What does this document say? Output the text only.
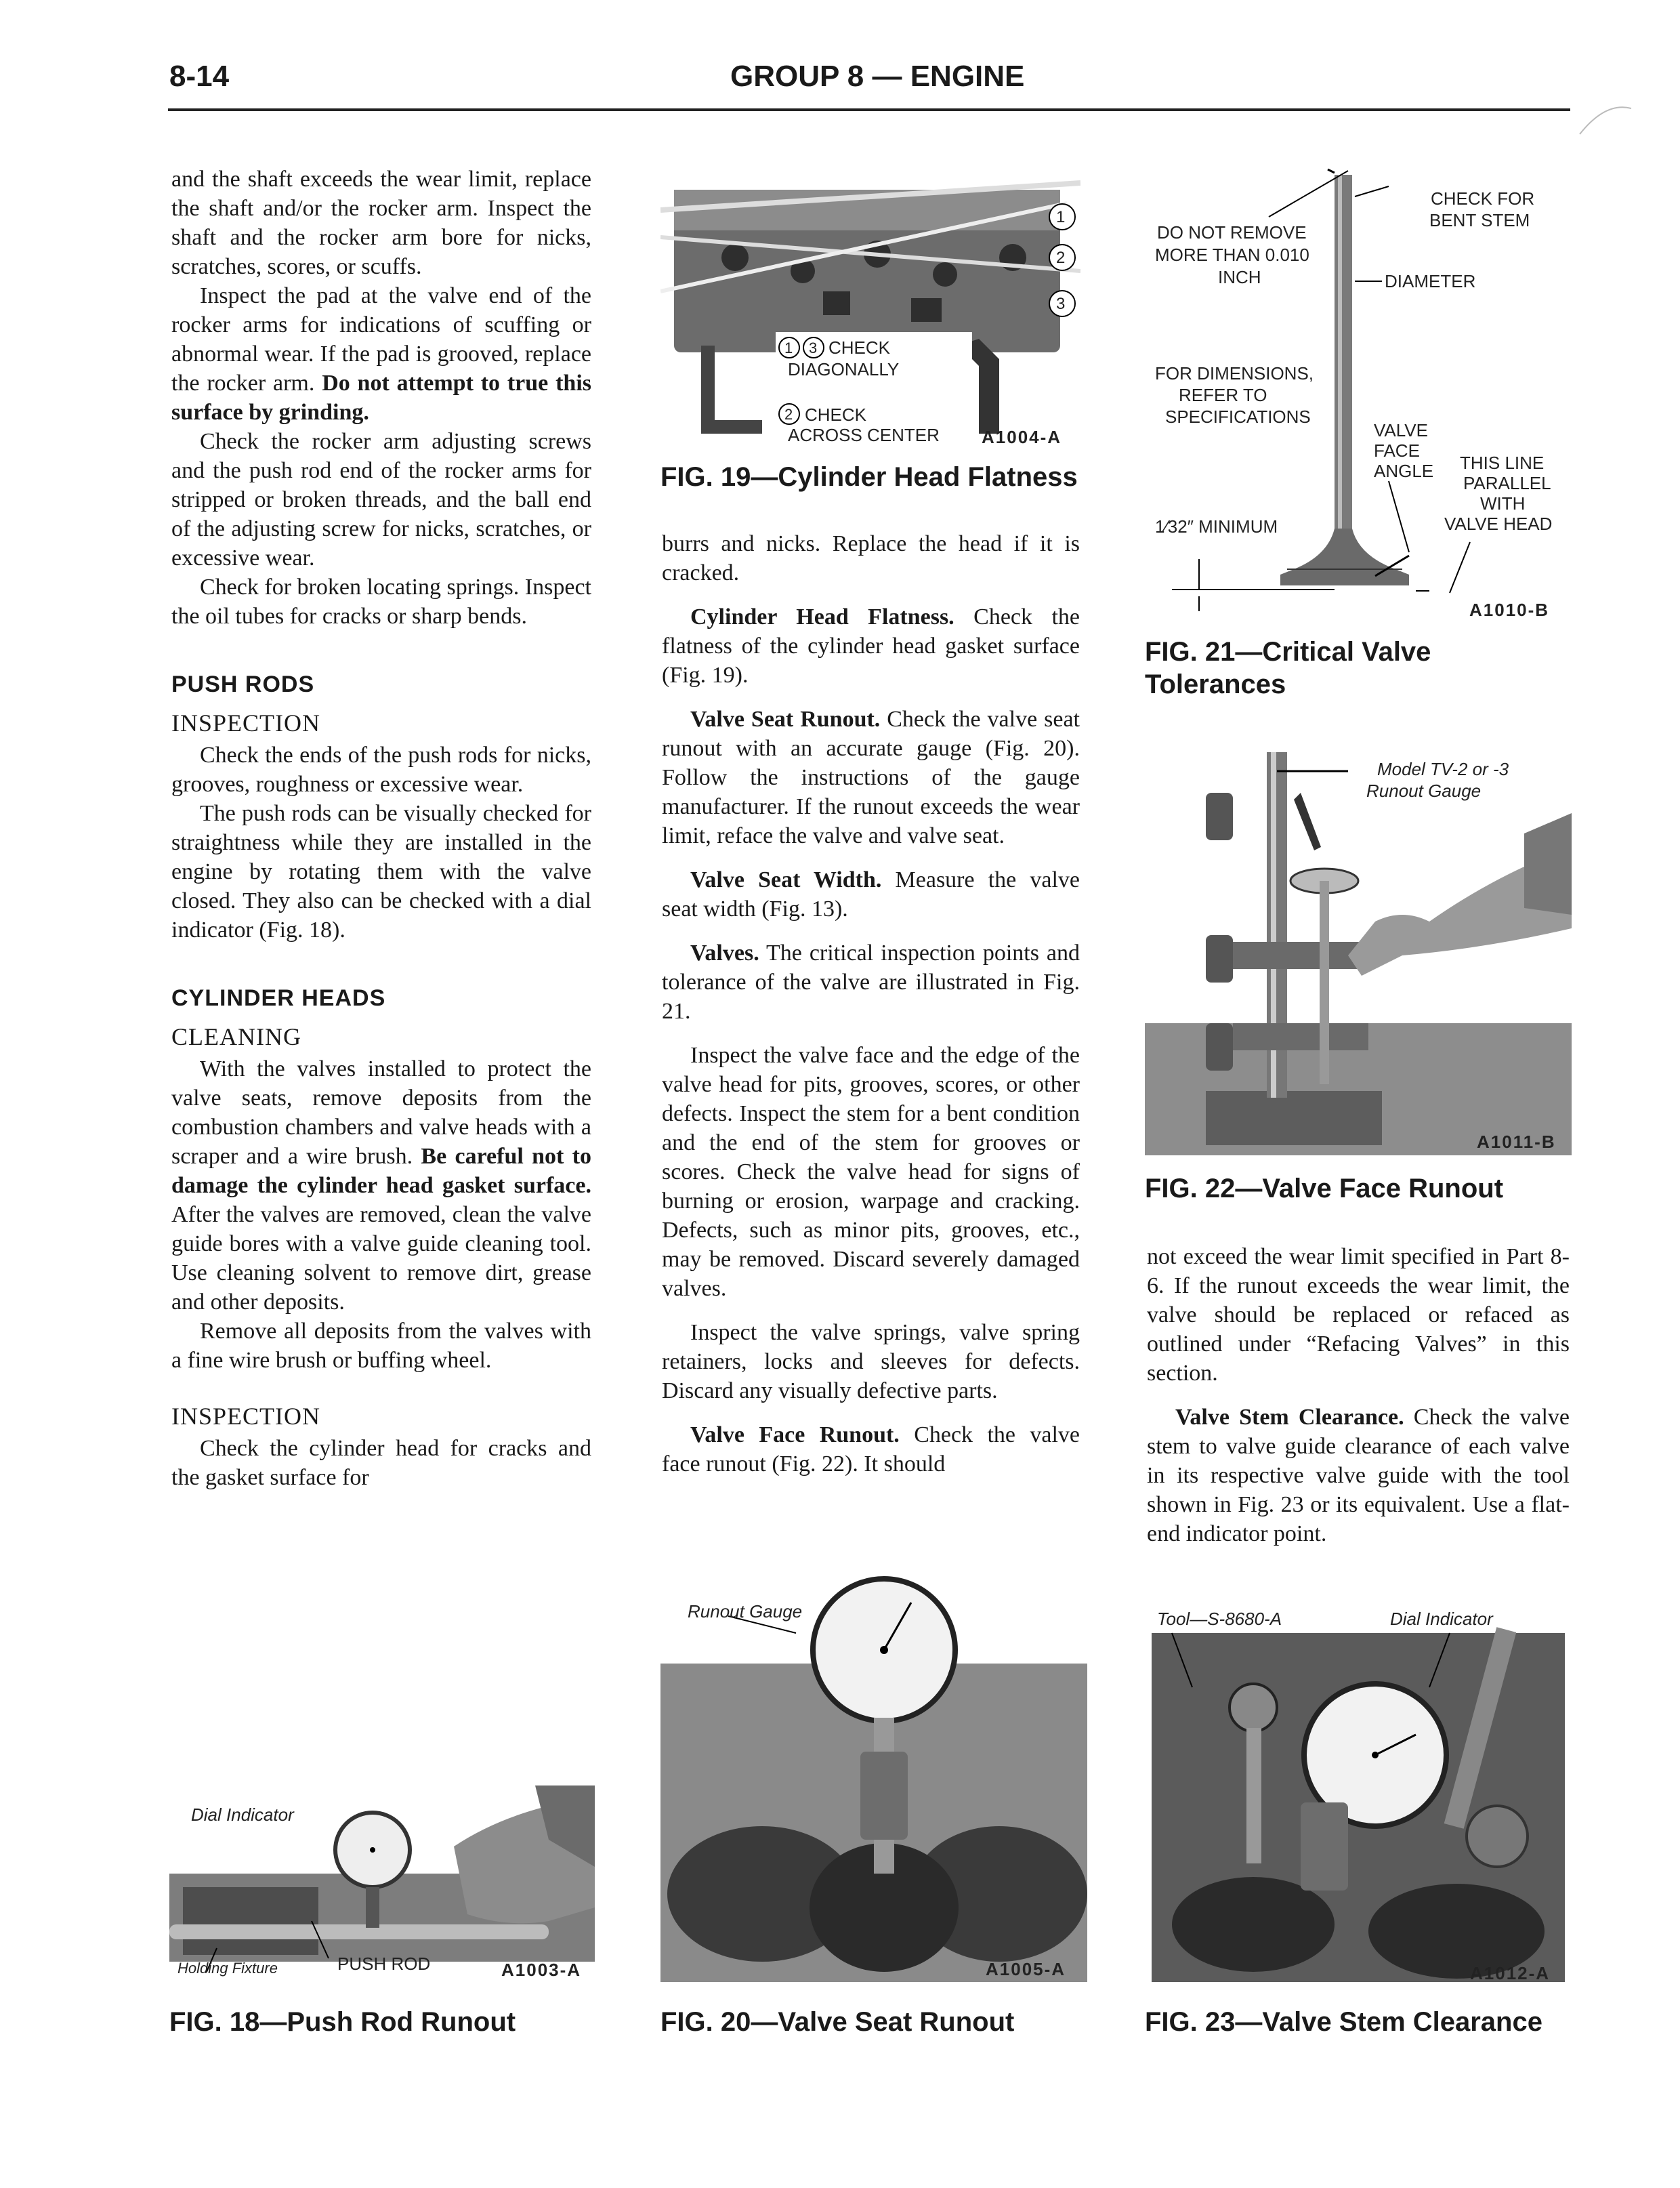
8-14	GROUP 8 — ENGINE

and the shaft exceeds the wear limit, replace the shaft and/or the rocker arm. Inspect the shaft and the rocker arm bore for nicks, scratches, scores, or scuffs.

Inspect the pad at the valve end of the rocker arms for indications of scuffing or abnormal wear. If the pad is grooved, replace the rocker arm. Do not attempt to true this surface by grinding.

Check the rocker arm adjusting screws and the push rod end of the rocker arms for stripped or broken threads, and the ball end of the adjusting screw for nicks, scratches, or excessive wear.

Check for broken locating springs. Inspect the oil tubes for cracks or sharp bends.

PUSH RODS
INSPECTION

Check the ends of the push rods for nicks, grooves, roughness or excessive wear.

The push rods can be visually checked for straightness while they are installed in the engine by rotating them with the valve closed. They also can be checked with a dial indicator (Fig. 18).

CYLINDER HEADS
CLEANING

With the valves installed to protect the valve seats, remove deposits from the combustion chambers and valve heads with a scraper and a wire brush. Be careful not to damage the cylinder head gasket surface. After the valves are removed, clean the valve guide bores with a valve guide cleaning tool. Use cleaning solvent to remove dirt, grease and other deposits.

Remove all deposits from the valves with a fine wire brush or buffing wheel.

INSPECTION

Check the cylinder head for cracks and the gasket surface for

burrs and nicks. Replace the head if it is cracked.

Cylinder Head Flatness. Check the flatness of the cylinder head gasket surface (Fig. 19).

Valve Seat Runout. Check the valve seat runout with an accurate gauge (Fig. 20). Follow the instructions of the gauge manufacturer. If the runout exceeds the wear limit, reface the valve and valve seat.

Valve Seat Width. Measure the valve seat width (Fig. 13).

Valves. The critical inspection points and tolerance of the valve are illustrated in Fig. 21.

Inspect the valve face and the edge of the valve head for pits, grooves, scores, or other defects. Inspect the stem for a bent condition and the end of the stem for grooves or scores. Check the valve head for signs of burning or erosion, warpage and cracking. Defects, such as minor pits, grooves, etc., may be removed. Discard severely damaged valves.

Inspect the valve springs, valve spring retainers, locks and sleeves for defects. Discard any visually defective parts.

Valve Face Runout. Check the valve face runout (Fig. 22). It should

not exceed the wear limit specified in Part 8-6. If the runout exceeds the wear limit, the valve should be replaced or refaced as outlined under “Refacing Valves” in this section.

Valve Stem Clearance. Check the valve stem to valve guide clearance of each valve in its respective valve guide with the tool shown in Fig. 23 or its equivalent. Use a flat-end indicator point.

1
2
3
1 3
2
CHECK
DIAGONALLY
CHECK
ACROSS CENTER A1004-A
FIG. 19—Cylinder Head Flatness
DO NOT REMOVE
MORE THAN 0.010
INCH
CHECK FOR
BENT STEM
DIAMETER
FOR DIMENSIONS,
REFER TO
SPECIFICATIONS
VALVE
FACE
ANGLE THIS LINE
PARALLEL
WITH
VALVE HEAD
1⁄32″ MINIMUM
A1010-B
FIG. 21—Critical Valve
Tolerances
Model TV-2 or -3
Runout Gauge
A1011-B
FIG. 22—Valve Face Runout
Dial Indicator
Holding Fixture	PUSH ROD	A1003-A
FIG. 18—Push Rod Runout
Runout Gauge
A1005-A
FIG. 20—Valve Seat Runout
Tool—S-8680-A	Dial Indicator
A1012-A
FIG. 23—Valve Stem Clearance
